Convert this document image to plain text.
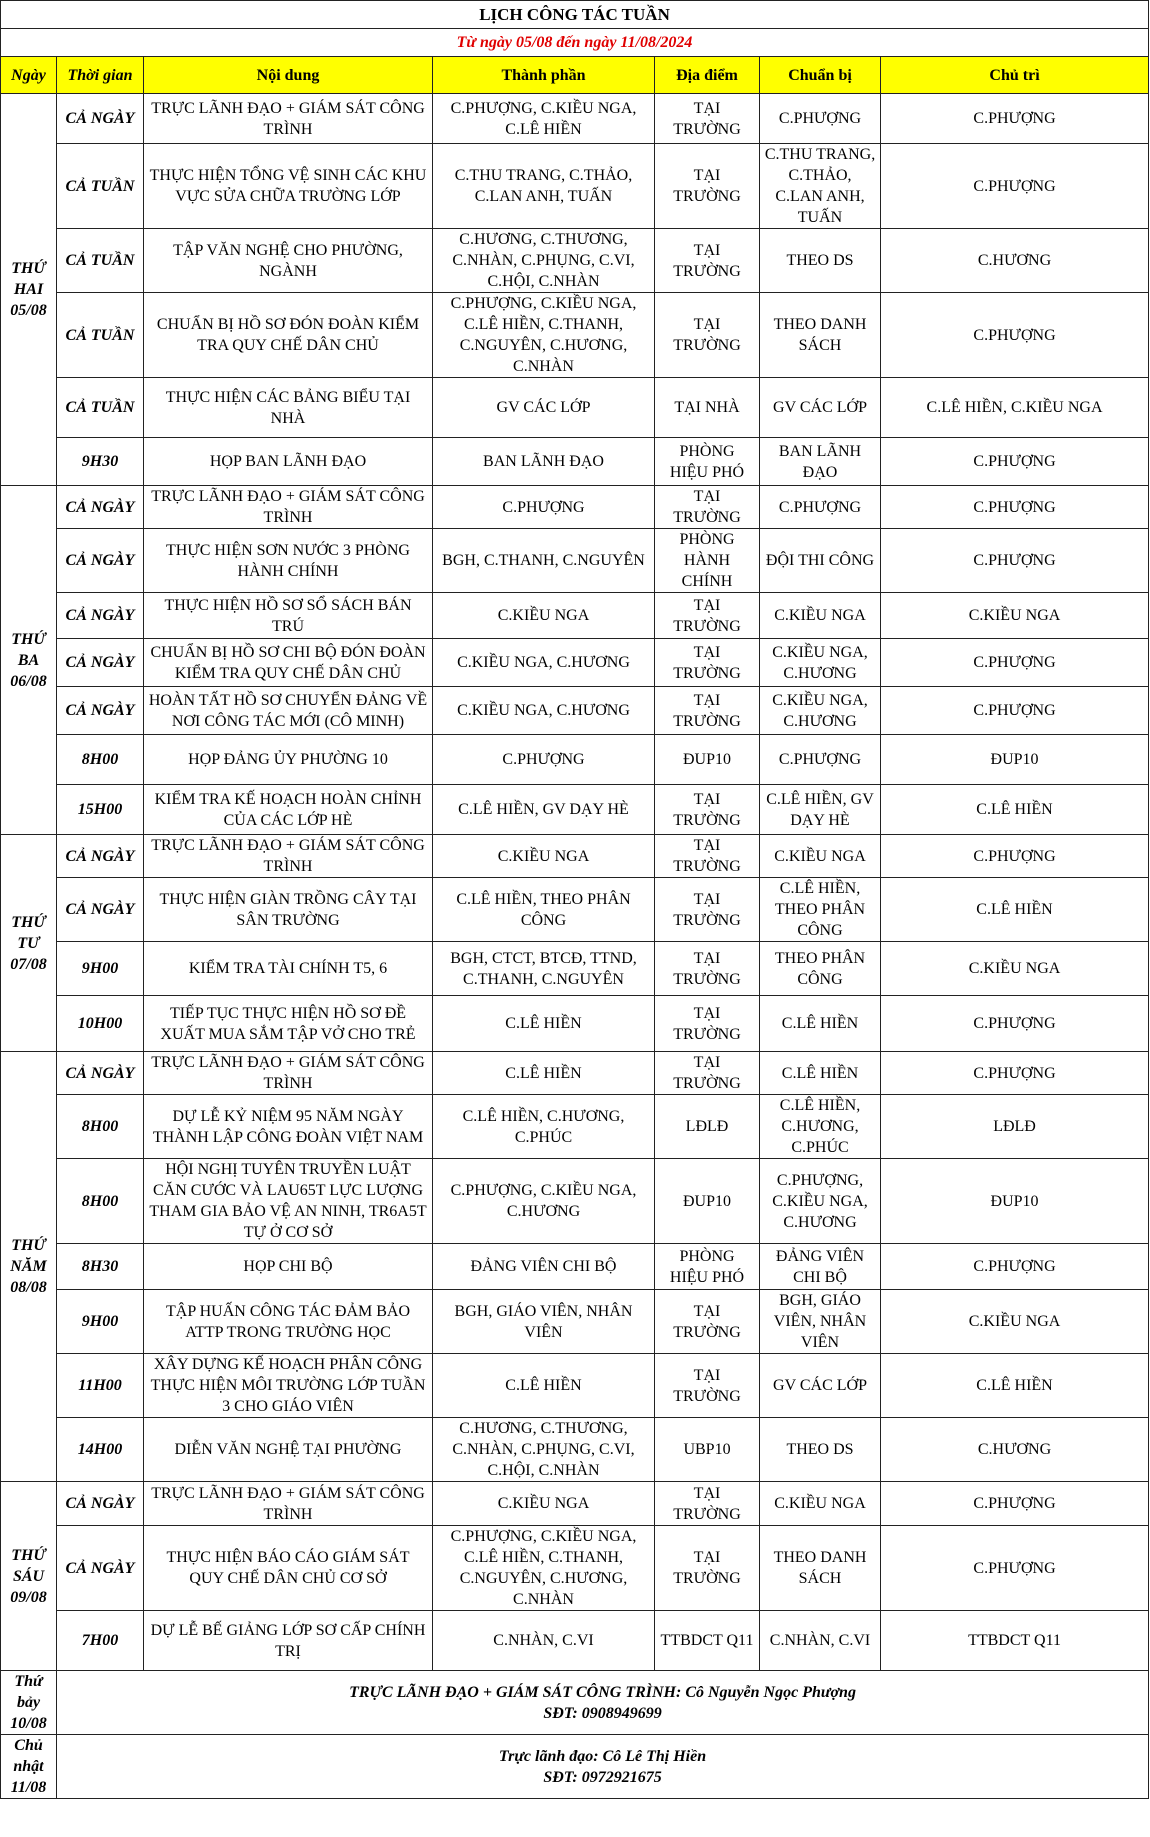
LỊCH CÔNG TÁC TUẦN						
Từ ngày 05/08 đến ngày 11/08/2024						
Ngày	Thời gian	Nội dung	Thành phần	Địa điểm	Chuẩn bị	Chủ trì

THỨ
HAI
05/08	CẢ NGÀY	TRỰC LÃNH ĐẠO + GIÁM SÁT CÔNG TRÌNH	C.PHƯỢNG, C.KIỀU NGA, C.LÊ HIỀN	TẠI TRƯỜNG	C.PHƯỢNG	C.PHƯỢNG
	CẢ TUẦN	THỰC HIỆN TỔNG VỆ SINH CÁC KHU VỰC SỬA CHỮA TRƯỜNG LỚP	C.THU TRANG, C.THẢO, C.LAN ANH, TUẤN	TẠI TRƯỜNG	C.THU TRANG, C.THẢO, C.LAN ANH, TUẤN	C.PHƯỢNG
	CẢ TUẦN	TẬP VĂN NGHỆ CHO PHƯỜNG, NGÀNH	C.HƯƠNG, C.THƯƠNG, C.NHÀN, C.PHỤNG, C.VI, C.HỘI, C.NHÀN	TẠI TRƯỜNG	THEO DS	C.HƯƠNG
	CẢ TUẦN	CHUẨN BỊ HỒ SƠ ĐÓN ĐOÀN KIỂM TRA QUY CHẾ DÂN CHỦ	C.PHƯỢNG, C.KIỀU NGA, C.LÊ HIỀN, C.THANH, C.NGUYÊN, C.HƯƠNG, C.NHÀN	TẠI TRƯỜNG	THEO DANH SÁCH	C.PHƯỢNG
	CẢ TUẦN	THỰC HIỆN CÁC BẢNG BIỂU TẠI NHÀ	GV CÁC LỚP	TẠI NHÀ	GV CÁC LỚP	C.LÊ HIỀN, C.KIỀU NGA
	9H30	HỌP BAN LÃNH ĐẠO	BAN LÃNH ĐẠO	PHÒNG HIỆU PHÓ	BAN LÃNH ĐẠO	C.PHƯỢNG

THỨ
BA
06/08	CẢ NGÀY	TRỰC LÃNH ĐẠO + GIÁM SÁT CÔNG TRÌNH	C.PHƯỢNG	TẠI TRƯỜNG	C.PHƯỢNG	C.PHƯỢNG
	CẢ NGÀY	THỰC HIỆN SƠN NƯỚC 3 PHÒNG HÀNH CHÍNH	BGH, C.THANH, C.NGUYÊN	PHÒNG HÀNH CHÍNH	ĐỘI THI CÔNG	C.PHƯỢNG
	CẢ NGÀY	THỰC HIỆN HỒ SƠ SỔ SÁCH BÁN TRÚ	C.KIỀU NGA	TẠI TRƯỜNG	C.KIỀU NGA	C.KIỀU NGA
	CẢ NGÀY	CHUẨN BỊ HỒ SƠ CHI BỘ ĐÓN ĐOÀN KIỂM TRA QUY CHẾ DÂN CHỦ	C.KIỀU NGA, C.HƯƠNG	TẠI TRƯỜNG	C.KIỀU NGA, C.HƯƠNG	C.PHƯỢNG
	CẢ NGÀY	HOÀN TẤT HỒ SƠ CHUYỂN ĐẢNG VỀ NƠI CÔNG TÁC MỚI (CÔ MINH)	C.KIỀU NGA, C.HƯƠNG	TẠI TRƯỜNG	C.KIỀU NGA, C.HƯƠNG	C.PHƯỢNG
	8H00	HỌP ĐẢNG ỦY PHƯỜNG 10	C.PHƯỢNG	ĐUP10	C.PHƯỢNG	ĐUP10
	15H00	KIỂM TRA KẾ HOẠCH HOÀN CHỈNH CỦA CÁC LỚP HÈ	C.LÊ HIỀN, GV DẠY HÈ	TẠI TRƯỜNG	C.LÊ HIỀN, GV DẠY HÈ	C.LÊ HIỀN

THỨ
TƯ
07/08	CẢ NGÀY	TRỰC LÃNH ĐẠO + GIÁM SÁT CÔNG TRÌNH	C.KIỀU NGA	TẠI TRƯỜNG	C.KIỀU NGA	C.PHƯỢNG
	CẢ NGÀY	THỰC HIỆN GIÀN TRỒNG CÂY TẠI SÂN TRƯỜNG	C.LÊ HIỀN, THEO PHÂN CÔNG	TẠI TRƯỜNG	C.LÊ HIỀN, THEO PHÂN CÔNG	C.LÊ HIỀN
	9H00	KIỂM TRA TÀI CHÍNH T5, 6	BGH, CTCT, BTCĐ, TTND, C.THANH, C.NGUYÊN	TẠI TRƯỜNG	THEO PHÂN CÔNG	C.KIỀU NGA
	10H00	TIẾP TỤC THỰC HIỆN HỒ SƠ ĐỀ XUẤT MUA SẮM TẬP VỞ CHO TRẺ	C.LÊ HIỀN	TẠI TRƯỜNG	C.LÊ HIỀN	C.PHƯỢNG

THỨ
NĂM
08/08	CẢ NGÀY	TRỰC LÃNH ĐẠO + GIÁM SÁT CÔNG TRÌNH	C.LÊ HIỀN	TẠI TRƯỜNG	C.LÊ HIỀN	C.PHƯỢNG
	8H00	DỰ LỄ KỶ NIỆM 95 NĂM NGÀY THÀNH LẬP CÔNG ĐOÀN VIỆT NAM	C.LÊ HIỀN, C.HƯƠNG, C.PHÚC	LĐLĐ	C.LÊ HIỀN, C.HƯƠNG, C.PHÚC	LĐLĐ
	8H00	HỘI NGHỊ TUYÊN TRUYỀN LUẬT CĂN CƯỚC VÀ LAU65T LỰC LƯỢNG THAM GIA BẢO VỆ AN NINH, TR6A5T TỰ Ở CƠ SỞ	C.PHƯỢNG, C.KIỀU NGA, C.HƯƠNG	ĐUP10	C.PHƯỢNG, C.KIỀU NGA, C.HƯƠNG	ĐUP10
	8H30	HỌP CHI BỘ	ĐẢNG VIÊN CHI BỘ	PHÒNG HIỆU PHÓ	ĐẢNG VIÊN CHI BỘ	C.PHƯỢNG
	9H00	TẬP HUẤN CÔNG TÁC ĐẢM BẢO ATTP TRONG TRƯỜNG HỌC	BGH, GIÁO VIÊN, NHÂN VIÊN	TẠI TRƯỜNG	BGH, GIÁO VIÊN, NHÂN VIÊN	C.KIỀU NGA
	11H00	XÂY DỰNG KẾ HOẠCH PHÂN CÔNG THỰC HIỆN MÔI TRƯỜNG LỚP TUẦN 3 CHO GIÁO VIÊN	C.LÊ HIỀN	TẠI TRƯỜNG	GV CÁC LỚP	C.LÊ HIỀN
	14H00	DIỄN VĂN NGHỆ TẠI PHƯỜNG	C.HƯƠNG, C.THƯƠNG, C.NHÀN, C.PHỤNG, C.VI, C.HỘI, C.NHÀN	UBP10	THEO DS	C.HƯƠNG

THỨ
SÁU
09/08	CẢ NGÀY	TRỰC LÃNH ĐẠO + GIÁM SÁT CÔNG TRÌNH	C.KIỀU NGA	TẠI TRƯỜNG	C.KIỀU NGA	C.PHƯỢNG
	CẢ NGÀY	THỰC HIỆN BÁO CÁO GIÁM SÁT QUY CHẾ DÂN CHỦ CƠ SỞ	C.PHƯỢNG, C.KIỀU NGA, C.LÊ HIỀN, C.THANH, C.NGUYÊN, C.HƯƠNG, C.NHÀN	TẠI TRƯỜNG	THEO DANH SÁCH	C.PHƯỢNG
	7H00	DỰ LỄ BẾ GIẢNG LỚP SƠ CẤP CHÍNH TRỊ	C.NHÀN, C.VI	TTBDCT Q11	C.NHÀN, C.VI	TTBDCT Q11

Thứ
bảy
10/08	TRỰC LÃNH ĐẠO + GIÁM SÁT CÔNG TRÌNH: Cô Nguyễn Ngọc Phượng
SĐT: 0908949699					

Chủ
nhật
11/08	Trực lãnh đạo: Cô Lê Thị Hiền
SĐT: 0972921675					
